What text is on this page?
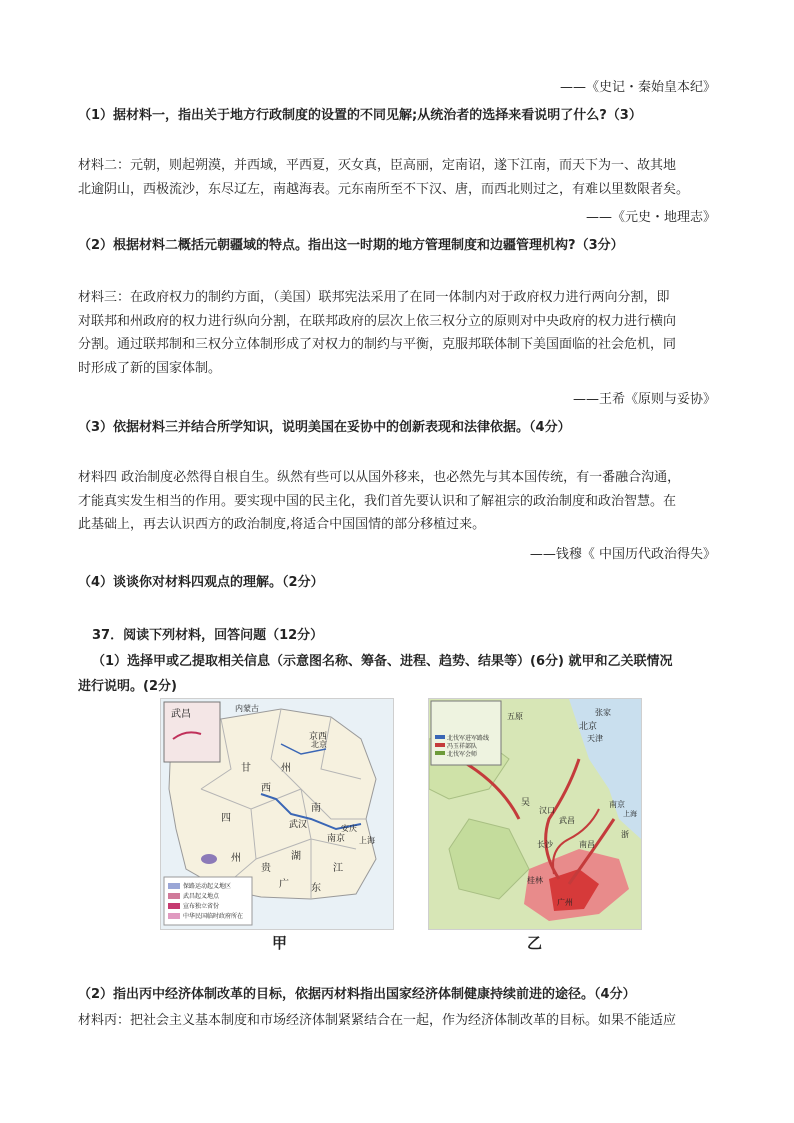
——《史记・秦始皇本纪》
（1）据材料一，指出关于地方行政制度的设置的不同见解;从统治者的选择来看说明了什么?（3）
材料二：元朝，则起朔漠，并西域，平西夏，灭女真，臣高丽，定南诏，遂下江南，而天下为一、故其地
北逾阴山，西极流沙，东尽辽左，南越海表。元东南所至不下汉、唐，而西北则过之，有难以里数限者矣。
——《元史・地理志》
（2）根据材料二概括元朝疆域的特点。指出这一时期的地方管理制度和边疆管理机构?（3分）
材料三：在政府权力的制约方面，（美国）联邦宪法采用了在同一体制内对于政府权力进行两向分割，即
对联邦和州政府的权力进行纵向分割，在联邦政府的层次上依三权分立的原则对中央政府的权力进行横向
分割。通过联邦制和三权分立体制形成了对权力的制约与平衡，克服邦联体制下美国面临的社会危机，同
时形成了新的国家体制。
——王希《原则与妥协》
（3）依据材料三并结合所学知识，说明美国在妥协中的创新表现和法律依据。（4分）
材料四 政治制度必然得自根自生。纵然有些可以从国外移来，也必然先与其本国传统，有一番融合沟通，
才能真实发生相当的作用。要实现中国的民主化，我们首先要认识和了解祖宗的政治制度和政治智慧。在
此基础上，再去认识西方的政治制度,将适合中国国情的部分移植过来。
——钱穆《 中国历代政治得失》
（4）谈谈你对材料四观点的理解。（2分）
37．阅读下列材料，回答问题（12分）
（1）选择甲或乙提取相关信息（示意图名称、筹备、进程、趋势、结果等）(6分) 就甲和乙关联情况
进行说明。(2分)
武昌
内蒙古
京西
北京
南京 上海
武汉	安庆
西
湖
四
州
广 东
贵
甘
江
州
南
保路运动起义地区
武昌起义地点
宣布独立省份
中华民国临时政府所在
甲
北京
天津
张家
长沙
武昌
汉口
南京
上海
广州
吴
五原
桂林
南昌
浙
北伐军进军路线
冯玉祥部队
北伐军会师
乙
（2）指出丙中经济体制改革的目标，依据丙材料指出国家经济体制健康持续前进的途径。（4分）
材料丙：把社会主义基本制度和市场经济体制紧紧结合在一起，作为经济体制改革的目标。如果不能适应
